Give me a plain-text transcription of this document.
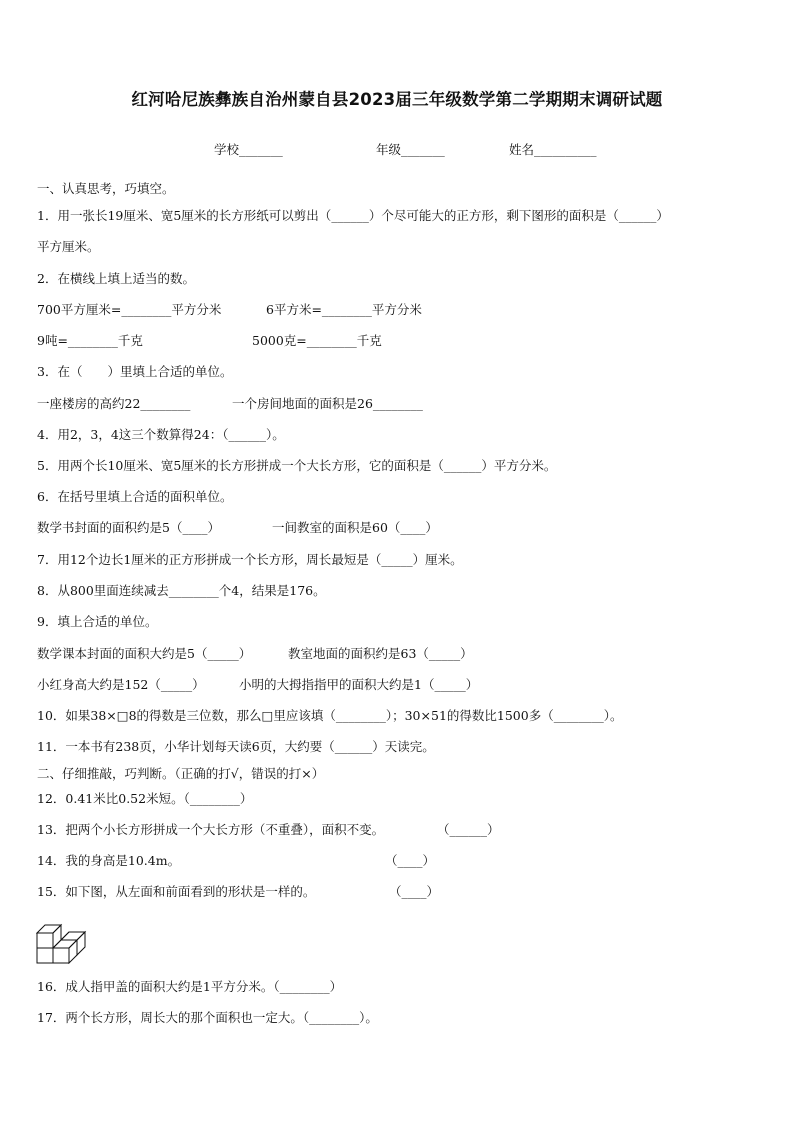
红河哈尼族彝族自治州蒙自县2023届三年级数学第二学期期末调研试题
学校_______	年级_______	姓名__________
一、认真思考，巧填空。
1．用一张长19厘米、宽5厘米的长方形纸可以剪出（______）个尽可能大的正方形，剩下图形的面积是（______）
平方厘米。
2．在横线上填上适当的数。
700平方厘米=________平方分米	6平方米=________平方分米
9吨=________千克	5000克=________千克
3．在（　　）里填上合适的单位。
一座楼房的高约22________	一个房间地面的面积是26________
4．用2，3，4这三个数算得24：（______）。
5．用两个长10厘米、宽5厘米的长方形拼成一个大长方形，它的面积是（______）平方分米。
6．在括号里填上合适的面积单位。
数学书封面的面积约是5（____）	一间教室的面积是60（____）
7．用12个边长1厘米的正方形拼成一个长方形，周长最短是（_____）厘米。
8．从800里面连续减去________个4，结果是176。
9．填上合适的单位。
数学课本封面的面积大约是5（_____）	教室地面的面积约是63（_____）
小红身高大约是152（_____）	小明的大拇指指甲的面积大约是1（_____）
10．如果38×□8的得数是三位数，那么□里应该填（________）；30×51的得数比1500多（________）。
11．一本书有238页，小华计划每天读6页，大约要（______）天读完。
二、仔细推敲，巧判断。（正确的打√，错误的打×）
12．0.41米比0.52米短。（________）
13．把两个小长方形拼成一个大长方形（不重叠），面积不变。	（______）
14．我的身高是10.4m。	（____）
15．如下图，从左面和前面看到的形状是一样的。	（____）
16．成人指甲盖的面积大约是1平方分米。（________）
17．两个长方形，周长大的那个面积也一定大。（________）。
